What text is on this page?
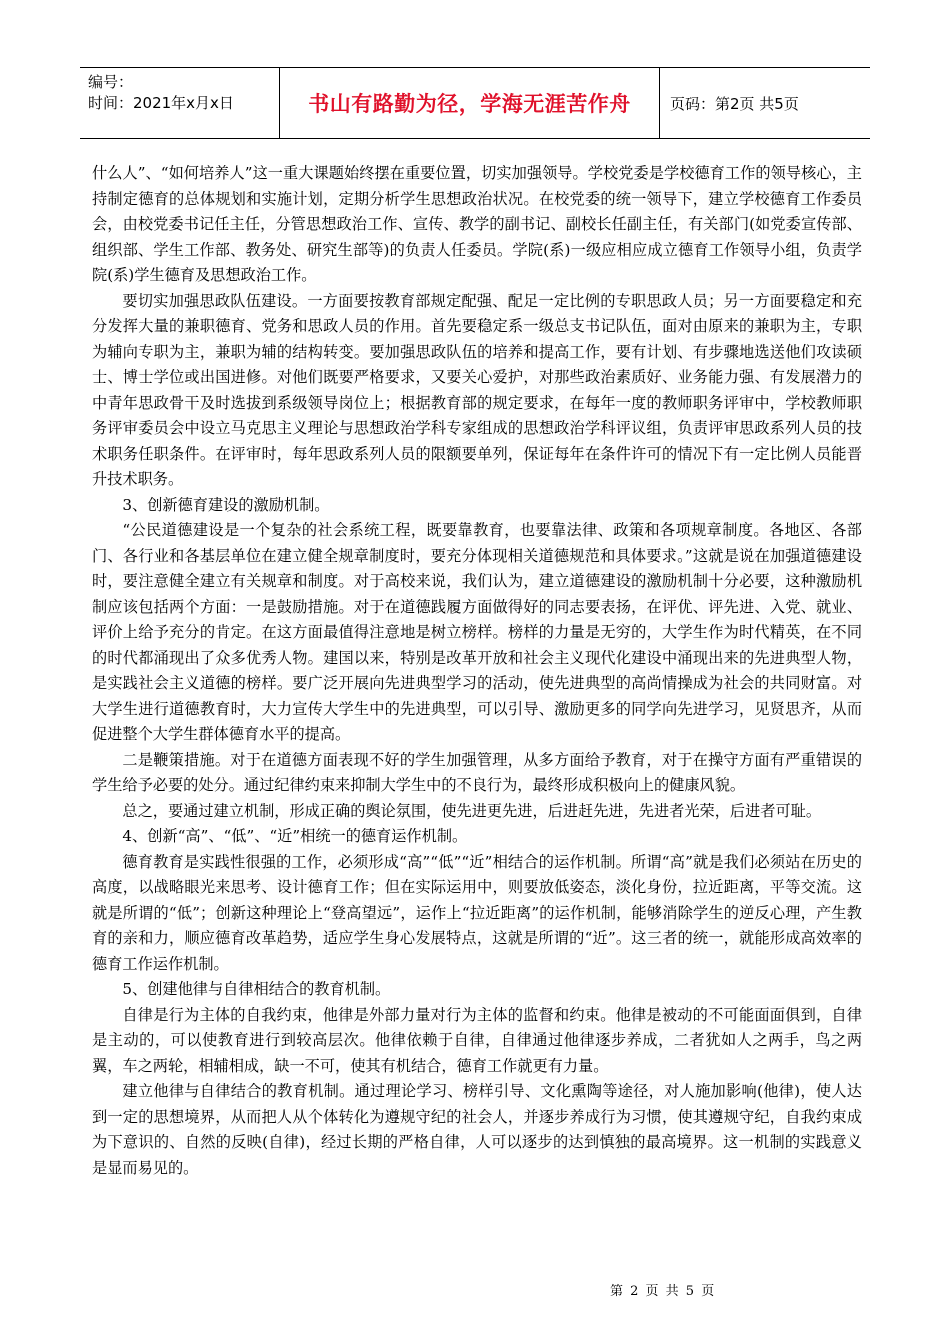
编号：
时间：2021年x月x日	书山有路勤为径，学海无涯苦作舟	页码：第2页 共5页

什么人”、“如何培养人”这一重大课题始终摆在重要位置，切实加强领导。学校党委是学校德育工作的领导核心，主持制定德育的总体规划和实施计划，定期分析学生思想政治状况。在校党委的统一领导下，建立学校德育工作委员会，由校党委书记任主任，分管思想政治工作、宣传、教学的副书记、副校长任副主任，有关部门(如党委宣传部、组织部、学生工作部、教务处、研究生部等)的负责人任委员。学院(系)一级应相应成立德育工作领导小组，负责学院(系)学生德育及思想政治工作。

要切实加强思政队伍建设。一方面要按教育部规定配强、配足一定比例的专职思政人员；另一方面要稳定和充分发挥大量的兼职德育、党务和思政人员的作用。首先要稳定系一级总支书记队伍，面对由原来的兼职为主，专职为辅向专职为主，兼职为辅的结构转变。要加强思政队伍的培养和提高工作，要有计划、有步骤地选送他们攻读硕士、博士学位或出国进修。对他们既要严格要求，又要关心爱护，对那些政治素质好、业务能力强、有发展潜力的中青年思政骨干及时选拔到系级领导岗位上；根据教育部的规定要求，在每年一度的教师职务评审中，学校教师职务评审委员会中设立马克思主义理论与思想政治学科专家组成的思想政治学科评议组，负责评审思政系列人员的技术职务任职条件。在评审时，每年思政系列人员的限额要单列，保证每年在条件许可的情况下有一定比例人员能晋升技术职务。

3、创新德育建设的激励机制。

“公民道德建设是一个复杂的社会系统工程，既要靠教育，也要靠法律、政策和各项规章制度。各地区、各部门、各行业和各基层单位在建立健全规章制度时，要充分体现相关道德规范和具体要求。”这就是说在加强道德建设时，要注意健全建立有关规章和制度。对于高校来说，我们认为，建立道德建设的激励机制十分必要，这种激励机制应该包括两个方面：一是鼓励措施。对于在道德践履方面做得好的同志要表扬，在评优、评先进、入党、就业、评价上给予充分的肯定。在这方面最值得注意地是树立榜样。榜样的力量是无穷的，大学生作为时代精英，在不同的时代都涌现出了众多优秀人物。建国以来，特别是改革开放和社会主义现代化建设中涌现出来的先进典型人物，是实践社会主义道德的榜样。要广泛开展向先进典型学习的活动，使先进典型的高尚情操成为社会的共同财富。对大学生进行道德教育时，大力宣传大学生中的先进典型，可以引导、激励更多的同学向先进学习，见贤思齐，从而促进整个大学生群体德育水平的提高。

二是鞭策措施。对于在道德方面表现不好的学生加强管理，从多方面给予教育，对于在操守方面有严重错误的学生给予必要的处分。通过纪律约束来抑制大学生中的不良行为，最终形成积极向上的健康风貌。

总之，要通过建立机制，形成正确的舆论氛围，使先进更先进，后进赶先进，先进者光荣，后进者可耻。

4、创新“高”、“低”、“近”相统一的德育运作机制。

德育教育是实践性很强的工作，必须形成“高”“低”“近”相结合的运作机制。所谓“高”就是我们必须站在历史的高度，以战略眼光来思考、设计德育工作；但在实际运用中，则要放低姿态，淡化身份，拉近距离，平等交流。这就是所谓的“低”；创新这种理论上“登高望远”，运作上“拉近距离”的运作机制，能够消除学生的逆反心理，产生教育的亲和力，顺应德育改革趋势，适应学生身心发展特点，这就是所谓的“近”。这三者的统一，就能形成高效率的德育工作运作机制。

5、创建他律与自律相结合的教育机制。

自律是行为主体的自我约束，他律是外部力量对行为主体的监督和约束。他律是被动的不可能面面俱到，自律是主动的，可以使教育进行到较高层次。他律依赖于自律，自律通过他律逐步养成，二者犹如人之两手，鸟之两翼，车之两轮，相辅相成，缺一不可，使其有机结合，德育工作就更有力量。

建立他律与自律结合的教育机制。通过理论学习、榜样引导、文化熏陶等途径，对人施加影响(他律)，使人达到一定的思想境界，从而把人从个体转化为遵规守纪的社会人，并逐步养成行为习惯，使其遵规守纪，自我约束成为下意识的、自然的反映(自律)，经过长期的严格自律，人可以逐步的达到慎独的最高境界。这一机制的实践意义是显而易见的。

第 2 页 共 5 页
